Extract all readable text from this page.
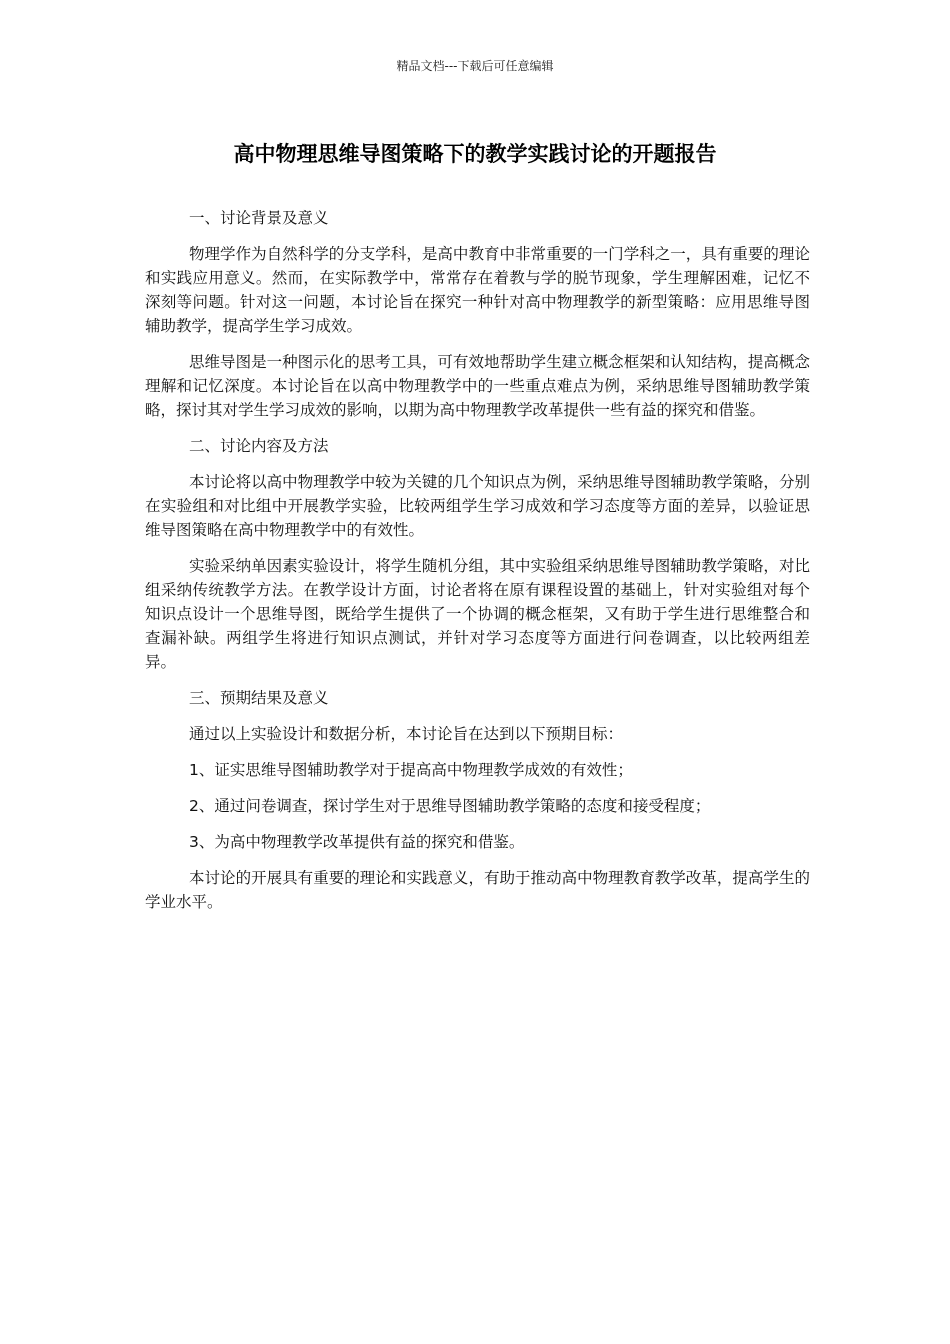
精品文档---下载后可任意编辑
高中物理思维导图策略下的教学实践讨论的开题报告

一、讨论背景及意义

物理学作为自然科学的分支学科，是高中教育中非常重要的一门学科之一，具有重要的理论和实践应用意义。然而，在实际教学中，常常存在着教与学的脱节现象，学生理解困难，记忆不深刻等问题。针对这一问题，本讨论旨在探究一种针对高中物理教学的新型策略：应用思维导图辅助教学，提高学生学习成效。

思维导图是一种图示化的思考工具，可有效地帮助学生建立概念框架和认知结构，提高概念理解和记忆深度。本讨论旨在以高中物理教学中的一些重点难点为例，采纳思维导图辅助教学策略，探讨其对学生学习成效的影响，以期为高中物理教学改革提供一些有益的探究和借鉴。

二、讨论内容及方法

本讨论将以高中物理教学中较为关键的几个知识点为例，采纳思维导图辅助教学策略，分别在实验组和对比组中开展教学实验，比较两组学生学习成效和学习态度等方面的差异，以验证思维导图策略在高中物理教学中的有效性。

实验采纳单因素实验设计，将学生随机分组，其中实验组采纳思维导图辅助教学策略，对比组采纳传统教学方法。在教学设计方面，讨论者将在原有课程设置的基础上，针对实验组对每个知识点设计一个思维导图，既给学生提供了一个协调的概念框架，又有助于学生进行思维整合和查漏补缺。两组学生将进行知识点测试，并针对学习态度等方面进行问卷调查，以比较两组差异。

三、预期结果及意义

通过以上实验设计和数据分析，本讨论旨在达到以下预期目标：

1、证实思维导图辅助教学对于提高高中物理教学成效的有效性；

2、通过问卷调查，探讨学生对于思维导图辅助教学策略的态度和接受程度；

3、为高中物理教学改革提供有益的探究和借鉴。

本讨论的开展具有重要的理论和实践意义，有助于推动高中物理教育教学改革，提高学生的学业水平。
